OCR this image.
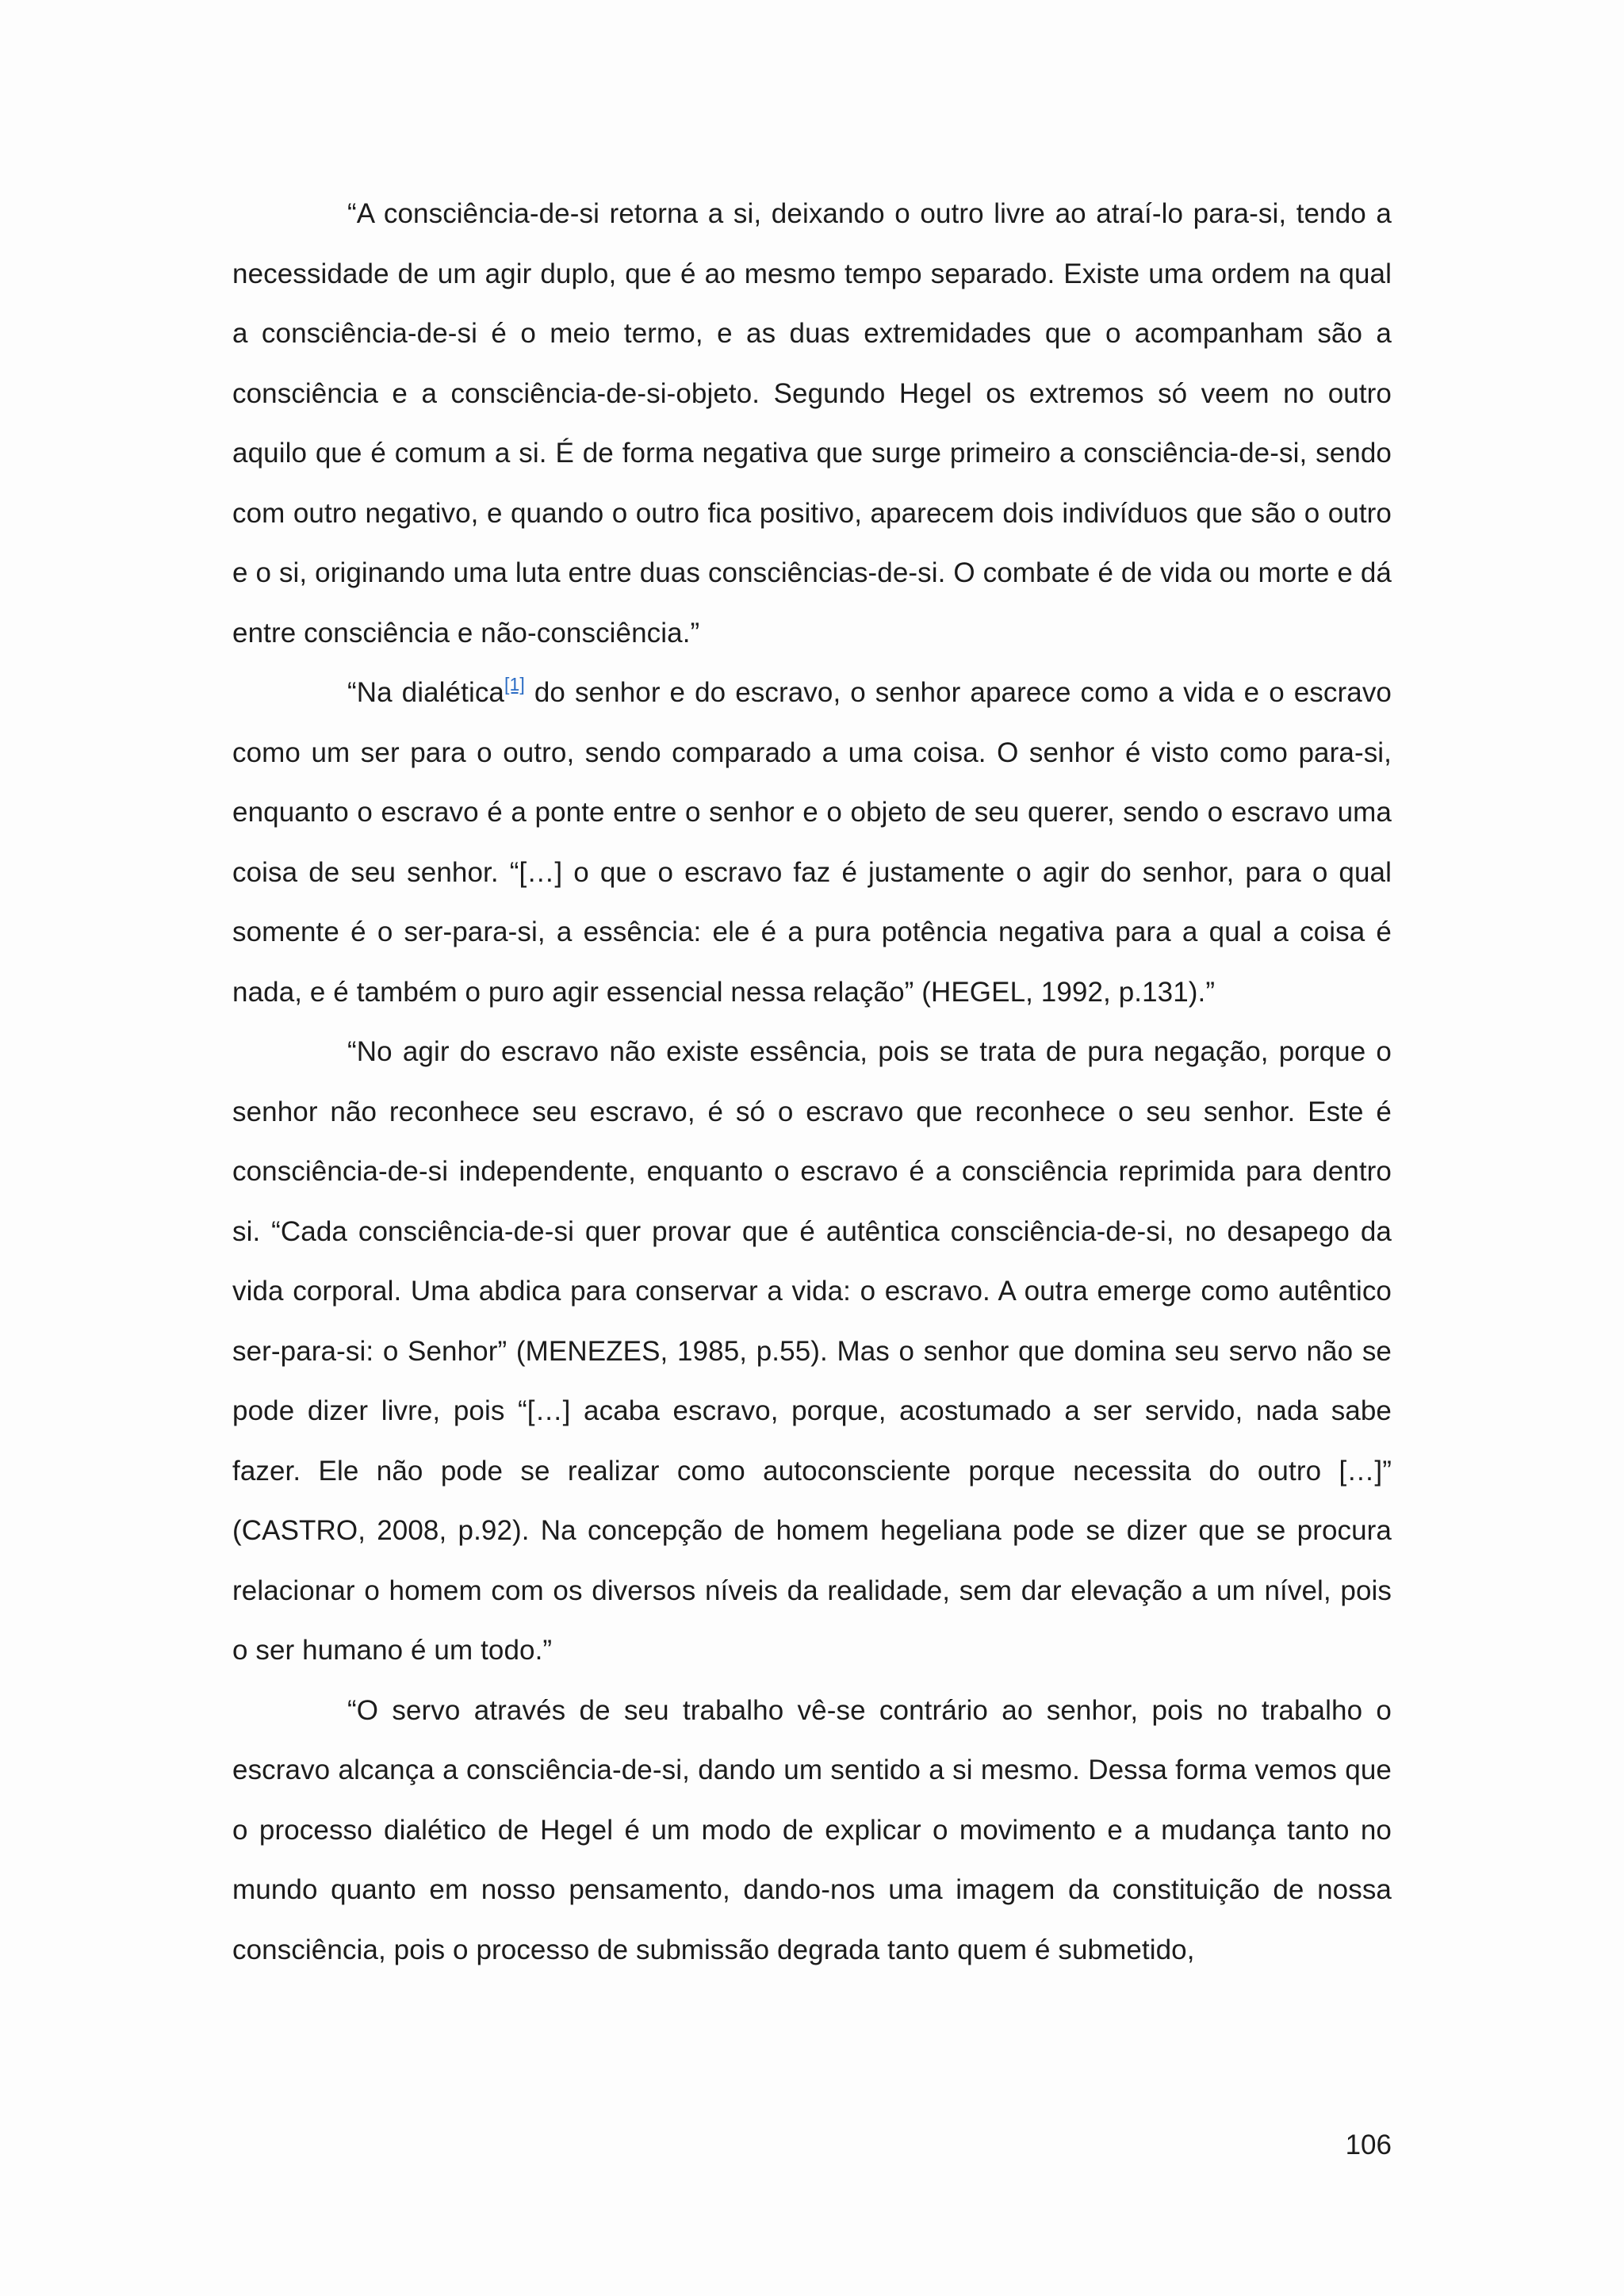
“A consciência-de-si retorna a si, deixando o outro livre ao atraí-lo para-si, tendo a necessidade de um agir duplo, que é ao mesmo tempo separado. Existe uma ordem na qual a consciência-de-si é o meio termo, e as duas extremidades que o acompanham são a consciência e a consciência-de-si-objeto. Segundo Hegel os extremos só veem no outro aquilo que é comum a si. É de forma negativa que surge primeiro a consciência-de-si, sendo com outro negativo, e quando o outro fica positivo, aparecem dois indivíduos que são o outro e o si, originando uma luta entre duas consciências-de-si. O combate é de vida ou morte e dá entre consciência e não-consciência.”

“Na dialética[1] do senhor e do escravo, o senhor aparece como a vida e o escravo como um ser para o outro, sendo comparado a uma coisa. O senhor é visto como para-si, enquanto o escravo é a ponte entre o senhor e o objeto de seu querer, sendo o escravo uma coisa de seu senhor. “[…] o que o escravo faz é justamente o agir do senhor, para o qual somente é o ser-para-si, a essência: ele é a pura potência negativa para a qual a coisa é nada, e é também o puro agir essencial nessa relação” (HEGEL, 1992, p.131).”

“No agir do escravo não existe essência, pois se trata de pura negação, porque o senhor não reconhece seu escravo, é só o escravo que reconhece o seu senhor. Este é consciência-de-si independente, enquanto o escravo é a consciência reprimida para dentro si. “Cada consciência-de-si quer provar que é autêntica consciência-de-si, no desapego da vida corporal. Uma abdica para conservar a vida: o escravo. A outra emerge como autêntico ser-para-si: o Senhor” (MENEZES, 1985, p.55). Mas o senhor que domina seu servo não se pode dizer livre, pois “[…] acaba escravo, porque, acostumado a ser servido, nada sabe fazer. Ele não pode se realizar como autoconsciente porque necessita do outro […]” (CASTRO, 2008, p.92). Na concepção de homem hegeliana pode se dizer que se procura relacionar o homem com os diversos níveis da realidade, sem dar elevação a um nível, pois o ser humano é um todo.”

“O servo através de seu trabalho vê-se contrário ao senhor, pois no trabalho o escravo alcança a consciência-de-si, dando um sentido a si mesmo. Dessa forma vemos que o processo dialético de Hegel é um modo de explicar o movimento e a mudança tanto no mundo quanto em nosso pensamento, dando-nos uma imagem da constituição de nossa consciência, pois o processo de submissão degrada tanto quem é submetido,

106
